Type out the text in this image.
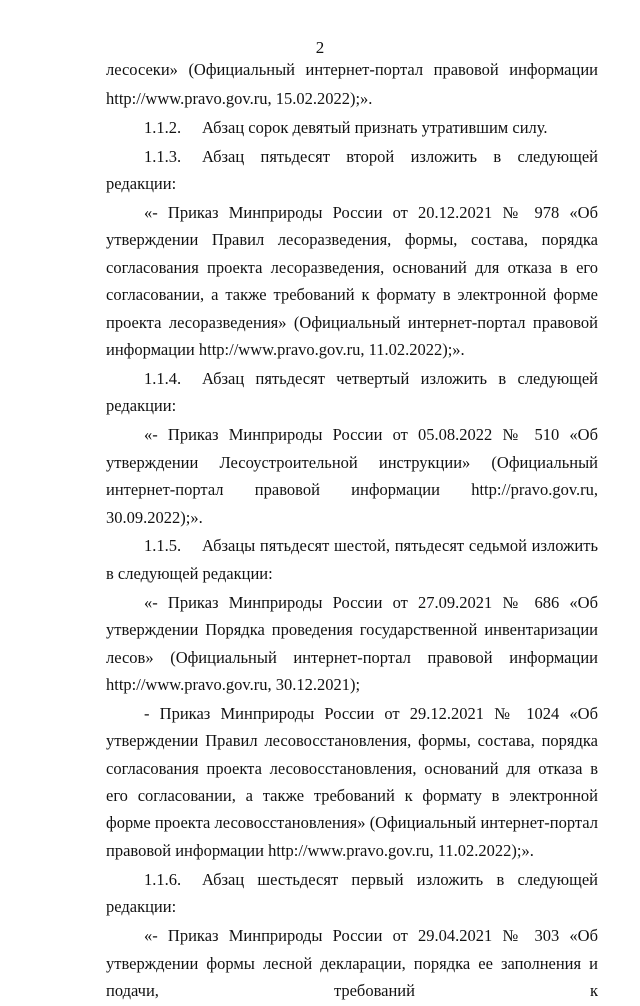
2

лесосеки» (Официальный интернет-портал правовой информации

http://www.pravo.gov.ru, 15.02.2022);».

1.1.2. Абзац сорок девятый признать утратившим силу.

1.1.3. Абзац пятьдесят второй изложить в следующей редакции:

«- Приказ Минприроды России от 20.12.2021 № 978 «Об утверждении Правил лесоразведения, формы, состава, порядка согласования проекта лесоразведения, оснований для отказа в его согласовании, а также требований к формату в электронной форме проекта лесоразведения» (Официальный интернет-портал правовой информации http://www.pravo.gov.ru, 11.02.2022);».

1.1.4. Абзац пятьдесят четвертый изложить в следующей редакции:

«- Приказ Минприроды России от 05.08.2022 № 510 «Об утверждении Лесоустроительной инструкции» (Официальный интернет-портал правовой информации http://pravo.gov.ru, 30.09.2022);».

1.1.5. Абзацы пятьдесят шестой, пятьдесят седьмой изложить в следующей редакции:

«- Приказ Минприроды России от 27.09.2021 № 686 «Об утверждении Порядка проведения государственной инвентаризации лесов» (Официальный интернет-портал правовой информации http://www.pravo.gov.ru, 30.12.2021);

- Приказ Минприроды России от 29.12.2021 № 1024 «Об утверждении Правил лесовосстановления, формы, состава, порядка согласования проекта лесовосстановления, оснований для отказа в его согласовании, а также требований к формату в электронной форме проекта лесовосстановления» (Официальный интернет-портал правовой информации http://www.pravo.gov.ru, 11.02.2022);».

1.1.6. Абзац шестьдесят первый изложить в следующей редакции:

«- Приказ Минприроды России от 29.04.2021 № 303 «Об утверждении формы лесной декларации, порядка ее заполнения и подачи, требований к
